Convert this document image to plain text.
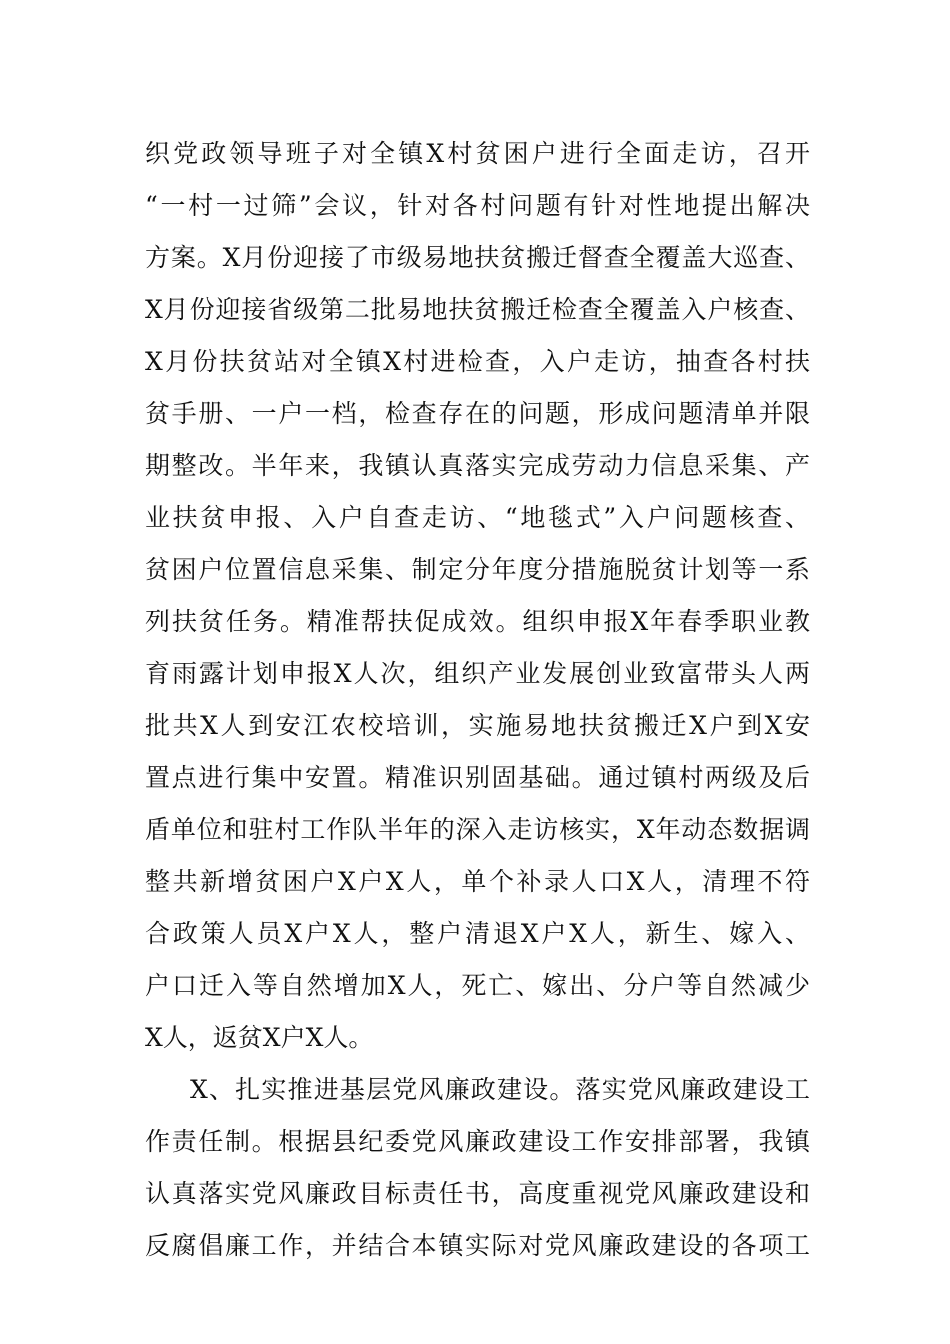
织党政领导班子对全镇X村贫困户进行全面走访，召开
“一村一过筛”会议，针对各村问题有针对性地提出解决
方案。X月份迎接了市级易地扶贫搬迁督查全覆盖大巡查、
X月份迎接省级第二批易地扶贫搬迁检查全覆盖入户核查、
X月份扶贫站对全镇X村进检查，入户走访，抽查各村扶
贫手册、一户一档，检查存在的问题，形成问题清单并限
期整改。半年来，我镇认真落实完成劳动力信息采集、产
业扶贫申报、入户自查走访、“地毯式”入户问题核查、
贫困户位置信息采集、制定分年度分措施脱贫计划等一系
列扶贫任务。精准帮扶促成效。组织申报X年春季职业教
育雨露计划申报X人次，组织产业发展创业致富带头人两
批共X人到安江农校培训，实施易地扶贫搬迁X户到X安
置点进行集中安置。精准识别固基础。通过镇村两级及后
盾单位和驻村工作队半年的深入走访核实，X年动态数据调
整共新增贫困户X户X人，单个补录人口X人，清理不符
合政策人员X户X人，整户清退X户X人，新生、嫁入、
户口迁入等自然增加X人，死亡、嫁出、分户等自然减少
X人，返贫X户X人。
X、扎实推进基层党风廉政建设。落实党风廉政建设工
作责任制。根据县纪委党风廉政建设工作安排部署，我镇
认真落实党风廉政目标责任书，高度重视党风廉政建设和
反腐倡廉工作，并结合本镇实际对党风廉政建设的各项工
